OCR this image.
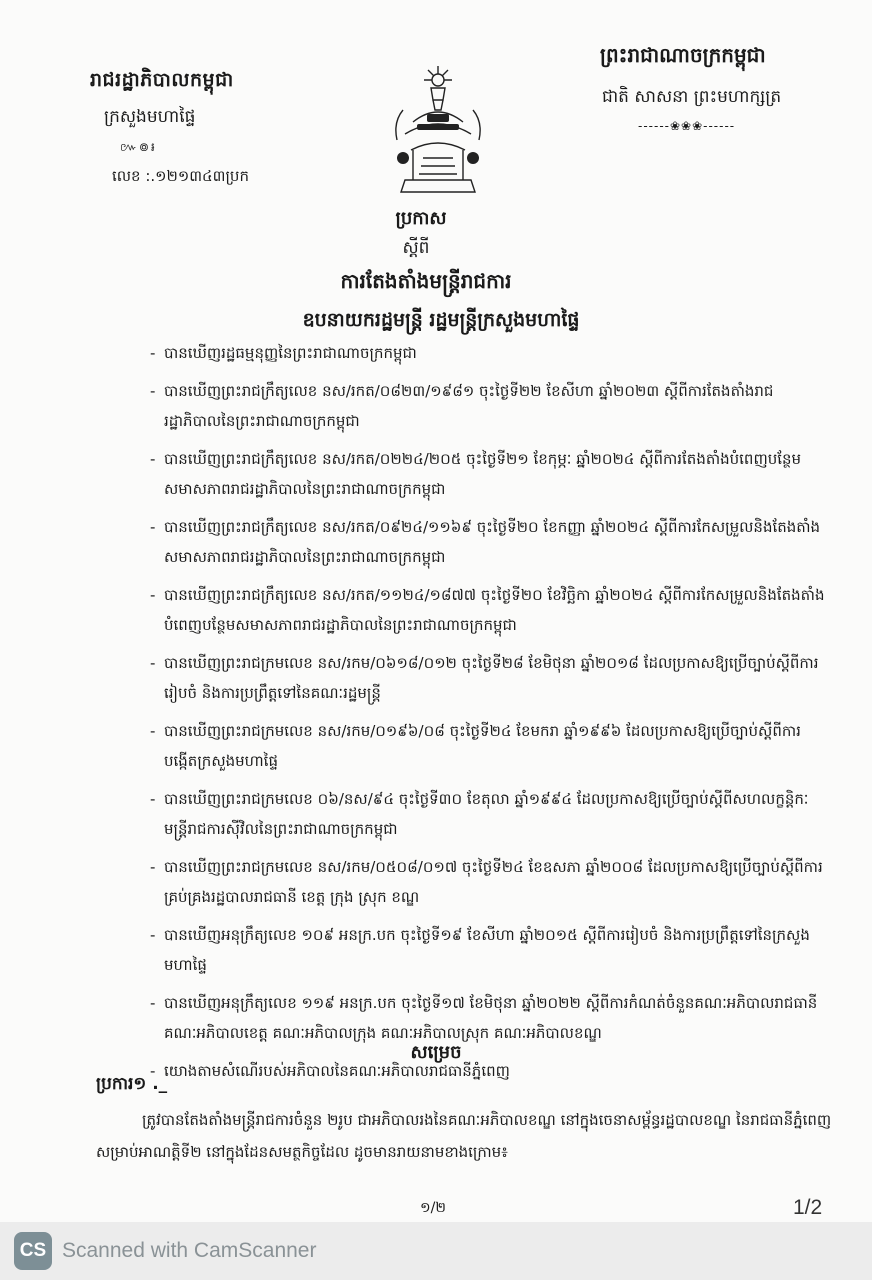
រាជរដ្ឋាភិបាលកម្ពុជា
ក្រសួងមហាផ្ទៃ
៚៙៛
លេខ :.១២១៣៤៣ប្រក
ព្រះរាជាណាចក្រកម្ពុជា
ជាតិ សាសនា ព្រះមហាក្សត្រ
------❀❀❀------
ប្រកាស
ស្តីពី
ការតែងតាំងមន្ត្រីរាជការ
ឧបនាយករដ្ឋមន្ត្រី រដ្ឋមន្ត្រីក្រសួងមហាផ្ទៃ
- បានឃើញរដ្ឋធម្មនុញ្ញនៃព្រះរាជាណាចក្រកម្ពុជា
- បានឃើញព្រះរាជក្រឹត្យលេខ នស/រកត/០៨២៣/១៩៨១ ចុះថ្ងៃទី២២ ខែសីហា ឆ្នាំ២០២៣ ស្តីពីការតែងតាំងរាជរដ្ឋាភិបាលនៃព្រះរាជាណាចក្រកម្ពុជា
- បានឃើញព្រះរាជក្រឹត្យលេខ នស/រកត/០២២៤/២០៥ ចុះថ្ងៃទី២១ ខែកុម្ភៈ ឆ្នាំ២០២៤ ស្តីពីការតែងតាំងបំពេញបន្ថែមសមាសភាពរាជរដ្ឋាភិបាលនៃព្រះរាជាណាចក្រកម្ពុជា
- បានឃើញព្រះរាជក្រឹត្យលេខ នស/រកត/០៩២៤/១១៦៩ ចុះថ្ងៃទី២០ ខែកញ្ញា ឆ្នាំ២០២៤ ស្តីពីការកែសម្រួលនិងតែងតាំងសមាសភាពរាជរដ្ឋាភិបាលនៃព្រះរាជាណាចក្រកម្ពុជា
- បានឃើញព្រះរាជក្រឹត្យលេខ នស/រកត/១១២៤/១៨៧៧ ចុះថ្ងៃទី២០ ខែវិច្ឆិកា ឆ្នាំ២០២៤ ស្តីពីការកែសម្រួលនិងតែងតាំងបំពេញបន្ថែមសមាសភាពរាជរដ្ឋាភិបាលនៃព្រះរាជាណាចក្រកម្ពុជា
- បានឃើញព្រះរាជក្រមលេខ នស/រកម/០៦១៨/០១២ ចុះថ្ងៃទី២៨ ខែមិថុនា ឆ្នាំ២០១៨ ដែលប្រកាសឱ្យប្រើច្បាប់ស្តីពីការរៀបចំ និងការប្រព្រឹត្តទៅនៃគណៈរដ្ឋមន្ត្រី
- បានឃើញព្រះរាជក្រមលេខ នស/រកម/០១៩៦/០៨ ចុះថ្ងៃទី២៤ ខែមករា ឆ្នាំ១៩៩៦ ដែលប្រកាសឱ្យប្រើច្បាប់ស្តីពីការបង្កើតក្រសួងមហាផ្ទៃ
- បានឃើញព្រះរាជក្រមលេខ ០៦/នស/៩៤ ចុះថ្ងៃទី៣០ ខែតុលា ឆ្នាំ១៩៩៤ ដែលប្រកាសឱ្យប្រើច្បាប់ស្តីពីសហលក្ខន្តិកៈមន្ត្រីរាជការស៊ីវិលនៃព្រះរាជាណាចក្រកម្ពុជា
- បានឃើញព្រះរាជក្រមលេខ នស/រកម/០៥០៨/០១៧ ចុះថ្ងៃទី២៤ ខែឧសភា ឆ្នាំ២០០៨ ដែលប្រកាសឱ្យប្រើច្បាប់ស្តីពីការគ្រប់គ្រងរដ្ឋបាលរាជធានី ខេត្ត ក្រុង ស្រុក ខណ្ឌ
- បានឃើញអនុក្រឹត្យលេខ ១០៩ អនក្រ.បក ចុះថ្ងៃទី១៩ ខែសីហា ឆ្នាំ២០១៥ ស្តីពីការរៀបចំ និងការប្រព្រឹត្តទៅនៃក្រសួងមហាផ្ទៃ
- បានឃើញអនុក្រឹត្យលេខ ១១៩ អនក្រ.បក ចុះថ្ងៃទី១៧ ខែមិថុនា ឆ្នាំ២០២២ ស្តីពីការកំណត់ចំនួនគណៈអភិបាលរាជធានី គណៈអភិបាលខេត្ត គណៈអភិបាលក្រុង គណៈអភិបាលស្រុក គណៈអភិបាលខណ្ឌ
- យោងតាមសំណើរបស់អភិបាលនៃគណៈអភិបាលរាជធានីភ្នំពេញ
សម្រេច
ប្រការ១ ._
ត្រូវបានតែងតាំងមន្ត្រីរាជការចំនួន ២រូប ជាអភិបាលរងនៃគណៈអភិបាលខណ្ឌ នៅក្នុងចេនាសម្ព័ន្ធរដ្ឋបាលខណ្ឌ នៃរាជធានីភ្នំពេញ សម្រាប់អាណត្តិទី២ នៅក្នុងដែនសមត្ថកិច្ចដែល ដូចមានរាយនាមខាងក្រោម៖
១/២	1/2
CS Scanned with CamScanner
